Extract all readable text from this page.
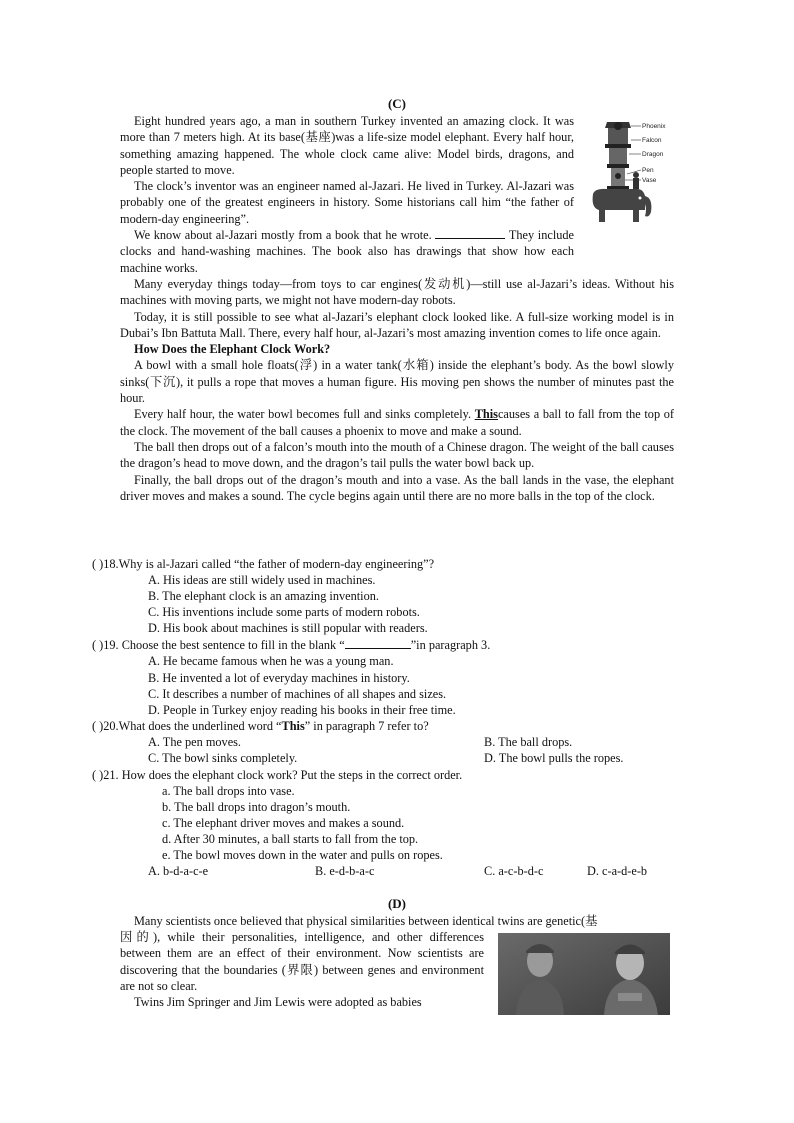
(C)

Eight hundred years ago, a man in southern Turkey invented an amazing clock. It was more than 7 meters high. At its base(基座)was a life-size model elephant. Every half hour, something amazing happened. The whole clock came alive: Model birds, dragons, and people started to move.

The clock’s inventor was an engineer named al-Jazari. He lived in Turkey. Al-Jazari was probably one of the greatest engineers in history. Some historians call him “the father of modern-day engineering”.

We know about al-Jazari mostly from a book that he wrote.	They include clocks and hand-washing machines. The book also has drawings that show how each machine works.

Phoenix
Falcon
Dragon
Pen
Vase

Many everyday things today—from toys to car engines(发动机)—still use al-Jazari’s ideas. Without his machines with moving parts, we might not have modern-day robots.

Today, it is still possible to see what al-Jazari’s elephant clock looked like. A full-size working model is in Dubai’s Ibn Battuta Mall. There, every half hour, al-Jazari’s most amazing invention comes to life once again.

How Does the Elephant Clock Work?

A bowl with a small hole floats(浮) in a water tank(水箱) inside the elephant’s body. As the bowl slowly sinks(下沉), it pulls a rope that moves a human figure. His moving pen shows the number of minutes past the hour.

Every half hour, the water bowl becomes full and sinks completely. Thiscauses a ball to fall from the top of the clock. The movement of the ball causes a phoenix to move and make a sound.

The ball then drops out of a falcon’s mouth into the mouth of a Chinese dragon. The weight of the ball causes the dragon’s head to move down, and the dragon’s tail pulls the water bowl back up.

Finally, the ball drops out of the dragon’s mouth and into a vase. As the ball lands in the vase, the elephant driver moves and makes a sound. The cycle begins again until there are no more balls in the top of the clock.

( )18.Why is al-Jazari called “the father of modern-day engineering”?
A. His ideas are still widely used in machines.
B. The elephant clock is an amazing invention.
C. His inventions include some parts of modern robots.
D. His book about machines is still popular with readers.
( )19. Choose the best sentence to fill in the blank “	”in paragraph 3.
A. He became famous when he was a young man.
B. He invented a lot of everyday machines in history.
C. It describes a number of machines of all shapes and sizes.
D. People in Turkey enjoy reading his books in their free time.
( )20.What does the underlined word “This” in paragraph 7 refer to?
A. The pen moves.	B. The ball drops.
C. The bowl sinks completely.	D. The bowl pulls the ropes.
( )21. How does the elephant clock work? Put the steps in the correct order.
a. The ball drops into vase.
b. The ball drops into dragon’s mouth.
c. The elephant driver moves and makes a sound.
d. After 30 minutes, a ball starts to fall from the top.
e. The bowl moves down in the water and pulls on ropes.
A. b-d-a-c-e	B. e-d-b-a-c	C. a-c-b-d-c	D. c-a-d-e-b
(D)

Many scientists once believed that physical similarities between identical twins are genetic(基

因的), while their personalities, intelligence, and other differences between them are an effect of their environment. Now scientists are discovering that the boundaries (界限) between genes and environment are not so clear.

Twins Jim Springer and Jim Lewis were adopted as babies
